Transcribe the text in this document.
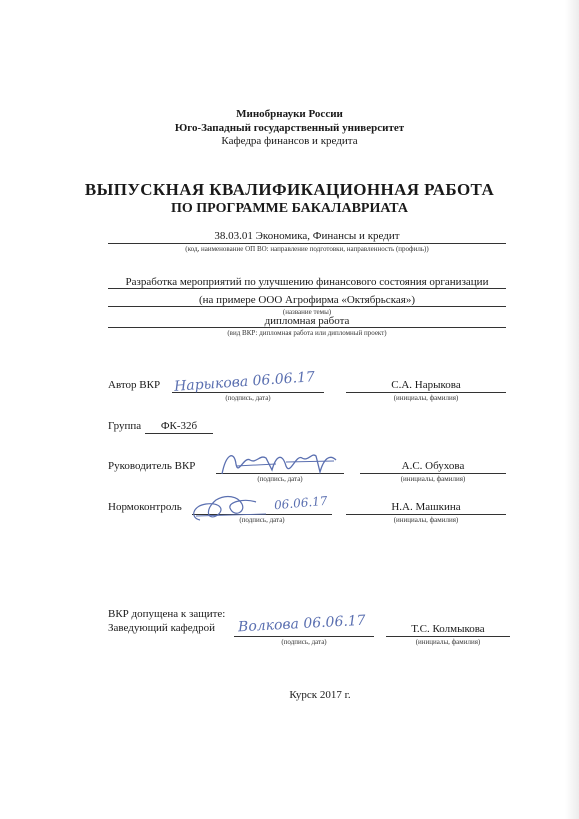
Минобрнауки России
Юго-Западный государственный университет
Кафедра финансов и кредита
ВЫПУСКНАЯ КВАЛИФИКАЦИОННАЯ РАБОТА
ПО ПРОГРАММЕ БАКАЛАВРИАТА
38.03.01 Экономика, Финансы и кредит
(код, наименование ОП ВО: направление подготовки, направленность (профиль))
Разработка мероприятий по улучшению финансового состояния организации
(на примере ООО Агрофирма «Октябрьская»)
(название темы)
дипломная работа
(вид ВКР: дипломная работа или дипломный проект)
Автор ВКР Нарыкова 06.06.17
(подпись, дата)
С.А. Нарыкова
(инициалы, фамилия)
Группа	ФК-32б
Руководитель ВКР
(подпись, дата)
А.С. Обухова
(инициалы, фамилия)
Нормоконтроль	06.06.17
(подпись, дата)
Н.А. Машкина
(инициалы, фамилия)
ВКР допущена к защите:
Заведующий кафедрой Волкова 06.06.17
(подпись, дата)
Т.С. Колмыкова
(инициалы, фамилия)
Курск 2017 г.
